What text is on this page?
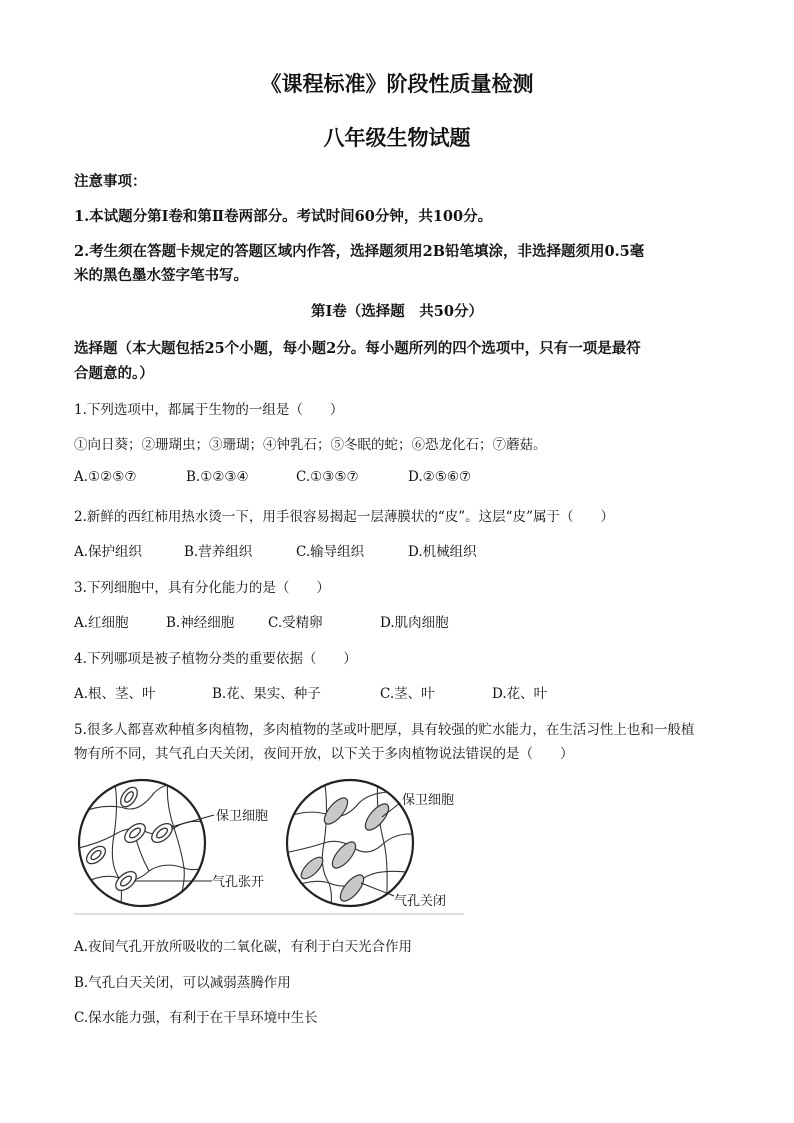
《课程标准》阶段性质量检测
八年级生物试题
注意事项：
1.本试题分第Ⅰ卷和第Ⅱ卷两部分。考试时间60分钟，共100分。
2.考生须在答题卡规定的答题区域内作答，选择题须用2B铅笔填涂，非选择题须用0.5毫
米的黑色墨水签字笔书写。
第Ⅰ卷（选择题　共50分）
选择题（本大题包括25个小题，每小题2分。每小题所列的四个选项中，只有一项是最符
合题意的。）
1.下列选项中，都属于生物的一组是（　　）
①向日葵；②珊瑚虫；③珊瑚；④钟乳石；⑤冬眠的蛇；⑥恐龙化石；⑦蘑菇。
A.①②⑤⑦	B.①②③④	C.①③⑤⑦	D.②⑤⑥⑦
2.新鲜的西红柿用热水烫一下，用手很容易揭起一层薄膜状的“皮”。这层“皮”属于（　　）
A.保护组织	B.营养组织	C.输导组织	D.机械组织
3.下列细胞中，具有分化能力的是（　　）
A.红细胞	B.神经细胞	C.受精卵	D.肌肉细胞
4.下列哪项是被子植物分类的重要依据（　　）
A.根、茎、叶	B.花、果实、种子	C.茎、叶	D.花、叶
5.很多人都喜欢种植多肉植物，多肉植物的茎或叶肥厚，具有较强的贮水能力，在生活习性上也和一般植
物有所不同，其气孔白天关闭，夜间开放，以下关于多肉植物说法错误的是（　　）
保卫细胞
气孔张开
保卫细胞
气孔关闭
A.夜间气孔开放所吸收的二氧化碳，有利于白天光合作用
B.气孔白天关闭，可以减弱蒸腾作用
C.保水能力强，有利于在干旱环境中生长
